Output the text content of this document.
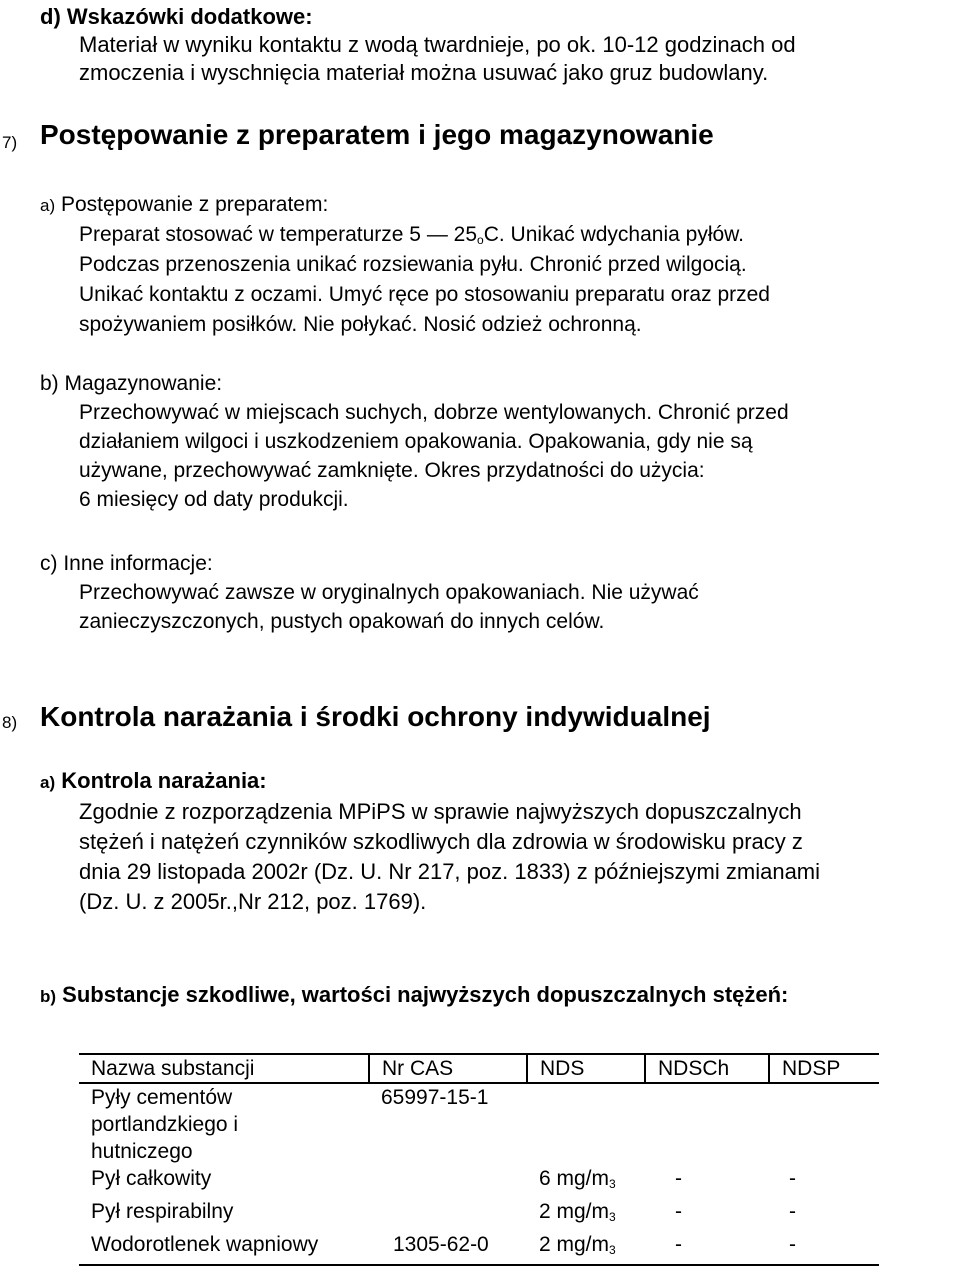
d) Wskazówki dodatkowe:
Materiał w wyniku kontaktu z wodą twardnieje, po ok. 10-12 godzinach od
zmoczenia i wyschnięcia materiał można usuwać jako gruz budowlany.
7) Postępowanie z preparatem i jego magazynowanie
a) Postępowanie z preparatem:
Preparat stosować w temperaturze 5 — $25_oC$. Unikać wdychania pyłów.
Podczas przenoszenia unikać rozsiewania pyłu. Chronić przed wilgocią.
Unikać kontaktu z oczami. Umyć ręce po stosowaniu preparatu oraz przed
spożywaniem posiłków. Nie połykać. Nosić odzież ochronną.
b) Magazynowanie:
Przechowywać w miejscach suchych, dobrze wentylowanych. Chronić przed
działaniem wilgoci i uszkodzeniem opakowania. Opakowania, gdy nie są
używane, przechowywać zamknięte. Okres przydatności do użycia:
6 miesięcy od daty produkcji.
c) Inne informacje:
Przechowywać zawsze w oryginalnych opakowaniach. Nie używać
zanieczyszczonych, pustych opakowań do innych celów.
8) Kontrola narażania i środki ochrony indywidualnej
a) Kontrola narażania:
Zgodnie z rozporządzenia MPiPS w sprawie najwyższych dopuszczalnych
stężeń i natężeń czynników szkodliwych dla zdrowia w środowisku pracy z
dnia 29 listopada 2002r (Dz. U. Nr 217, poz. 1833) z późniejszymi zmianami
(Dz. U. z 2005r.,Nr 212, poz. 1769).
b) Substancje szkodliwe, wartości najwyższych dopuszczalnych stężeń:
Nazwa substancji	Nr CAS	NDS	NDSCh	NDSP

Pyły cementów
portlandzkiego i
hutniczego	65997-15-1			
Pył całkowity		6 $mg/m_3$	-	-
Pył respirabilny		2 $mg/m_3$	-	-
Wodorotlenek wapniowy	1305-62-0	2 $mg/m_3$	-	-
